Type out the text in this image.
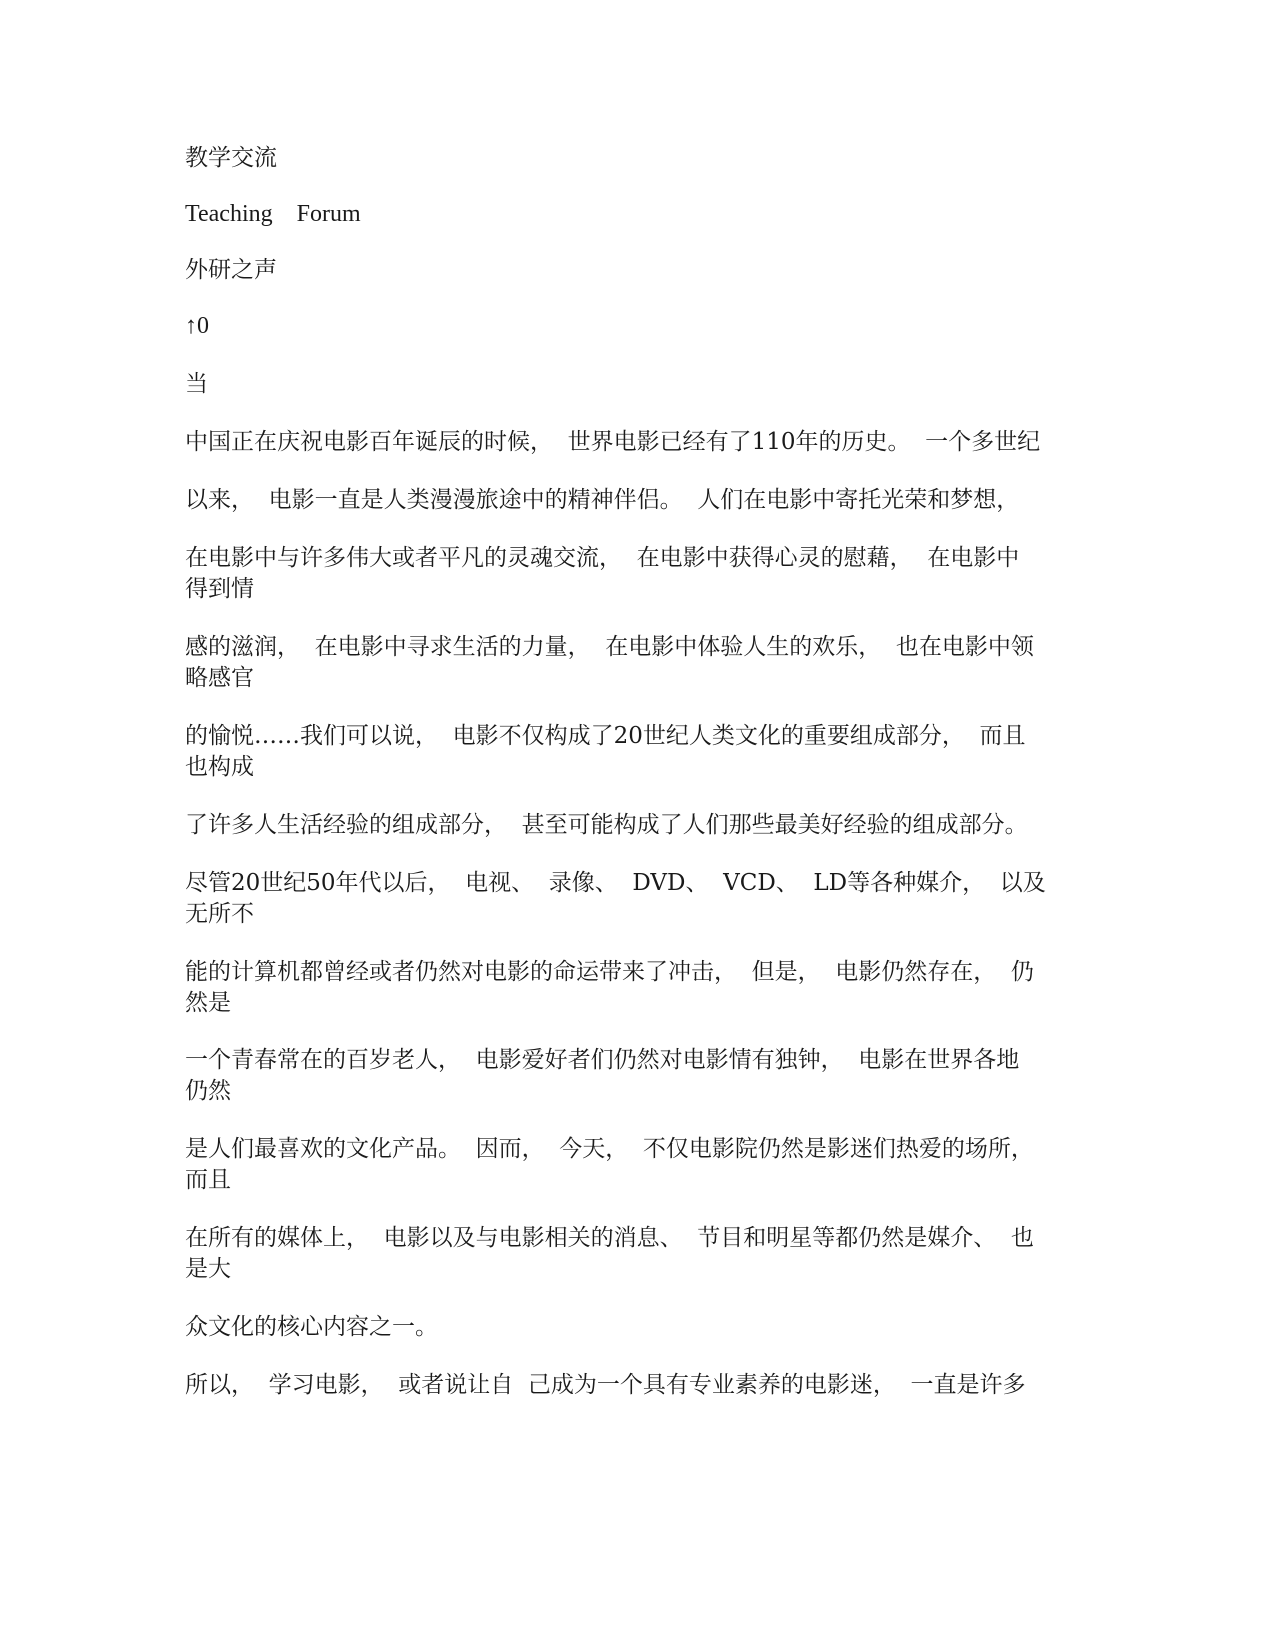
教学交流
Teaching    Forum
外研之声
↑0
当
中国正在庆祝电影百年诞辰的时候，  世界电影已经有了110年的历史。  一个多世纪
以来，  电影一直是人类漫漫旅途中的精神伴侣。  人们在电影中寄托光荣和梦想，
在电影中与许多伟大或者平凡的灵魂交流，  在电影中获得心灵的慰藉，  在电影中
得到情
感的滋润，  在电影中寻求生活的力量，  在电影中体验人生的欢乐，  也在电影中领
略感官
的愉悦……我们可以说，  电影不仅构成了20世纪人类文化的重要组成部分，  而且
也构成
了许多人生活经验的组成部分，  甚至可能构成了人们那些最美好经验的组成部分。
尽管20世纪50年代以后，  电视、  录像、  DVD、  VCD、  LD等各种媒介，  以及
无所不
能的计算机都曾经或者仍然对电影的命运带来了冲击，  但是，  电影仍然存在，  仍
然是
一个青春常在的百岁老人，  电影爱好者们仍然对电影情有独钟，  电影在世界各地
仍然
是人们最喜欢的文化产品。  因而，  今天，  不仅电影院仍然是影迷们热爱的场所，
而且
在所有的媒体上，  电影以及与电影相关的消息、  节目和明星等都仍然是媒介、  也
是大
众文化的核心内容之一。
所以，  学习电影，  或者说让自  己成为一个具有专业素养的电影迷，  一直是许多
